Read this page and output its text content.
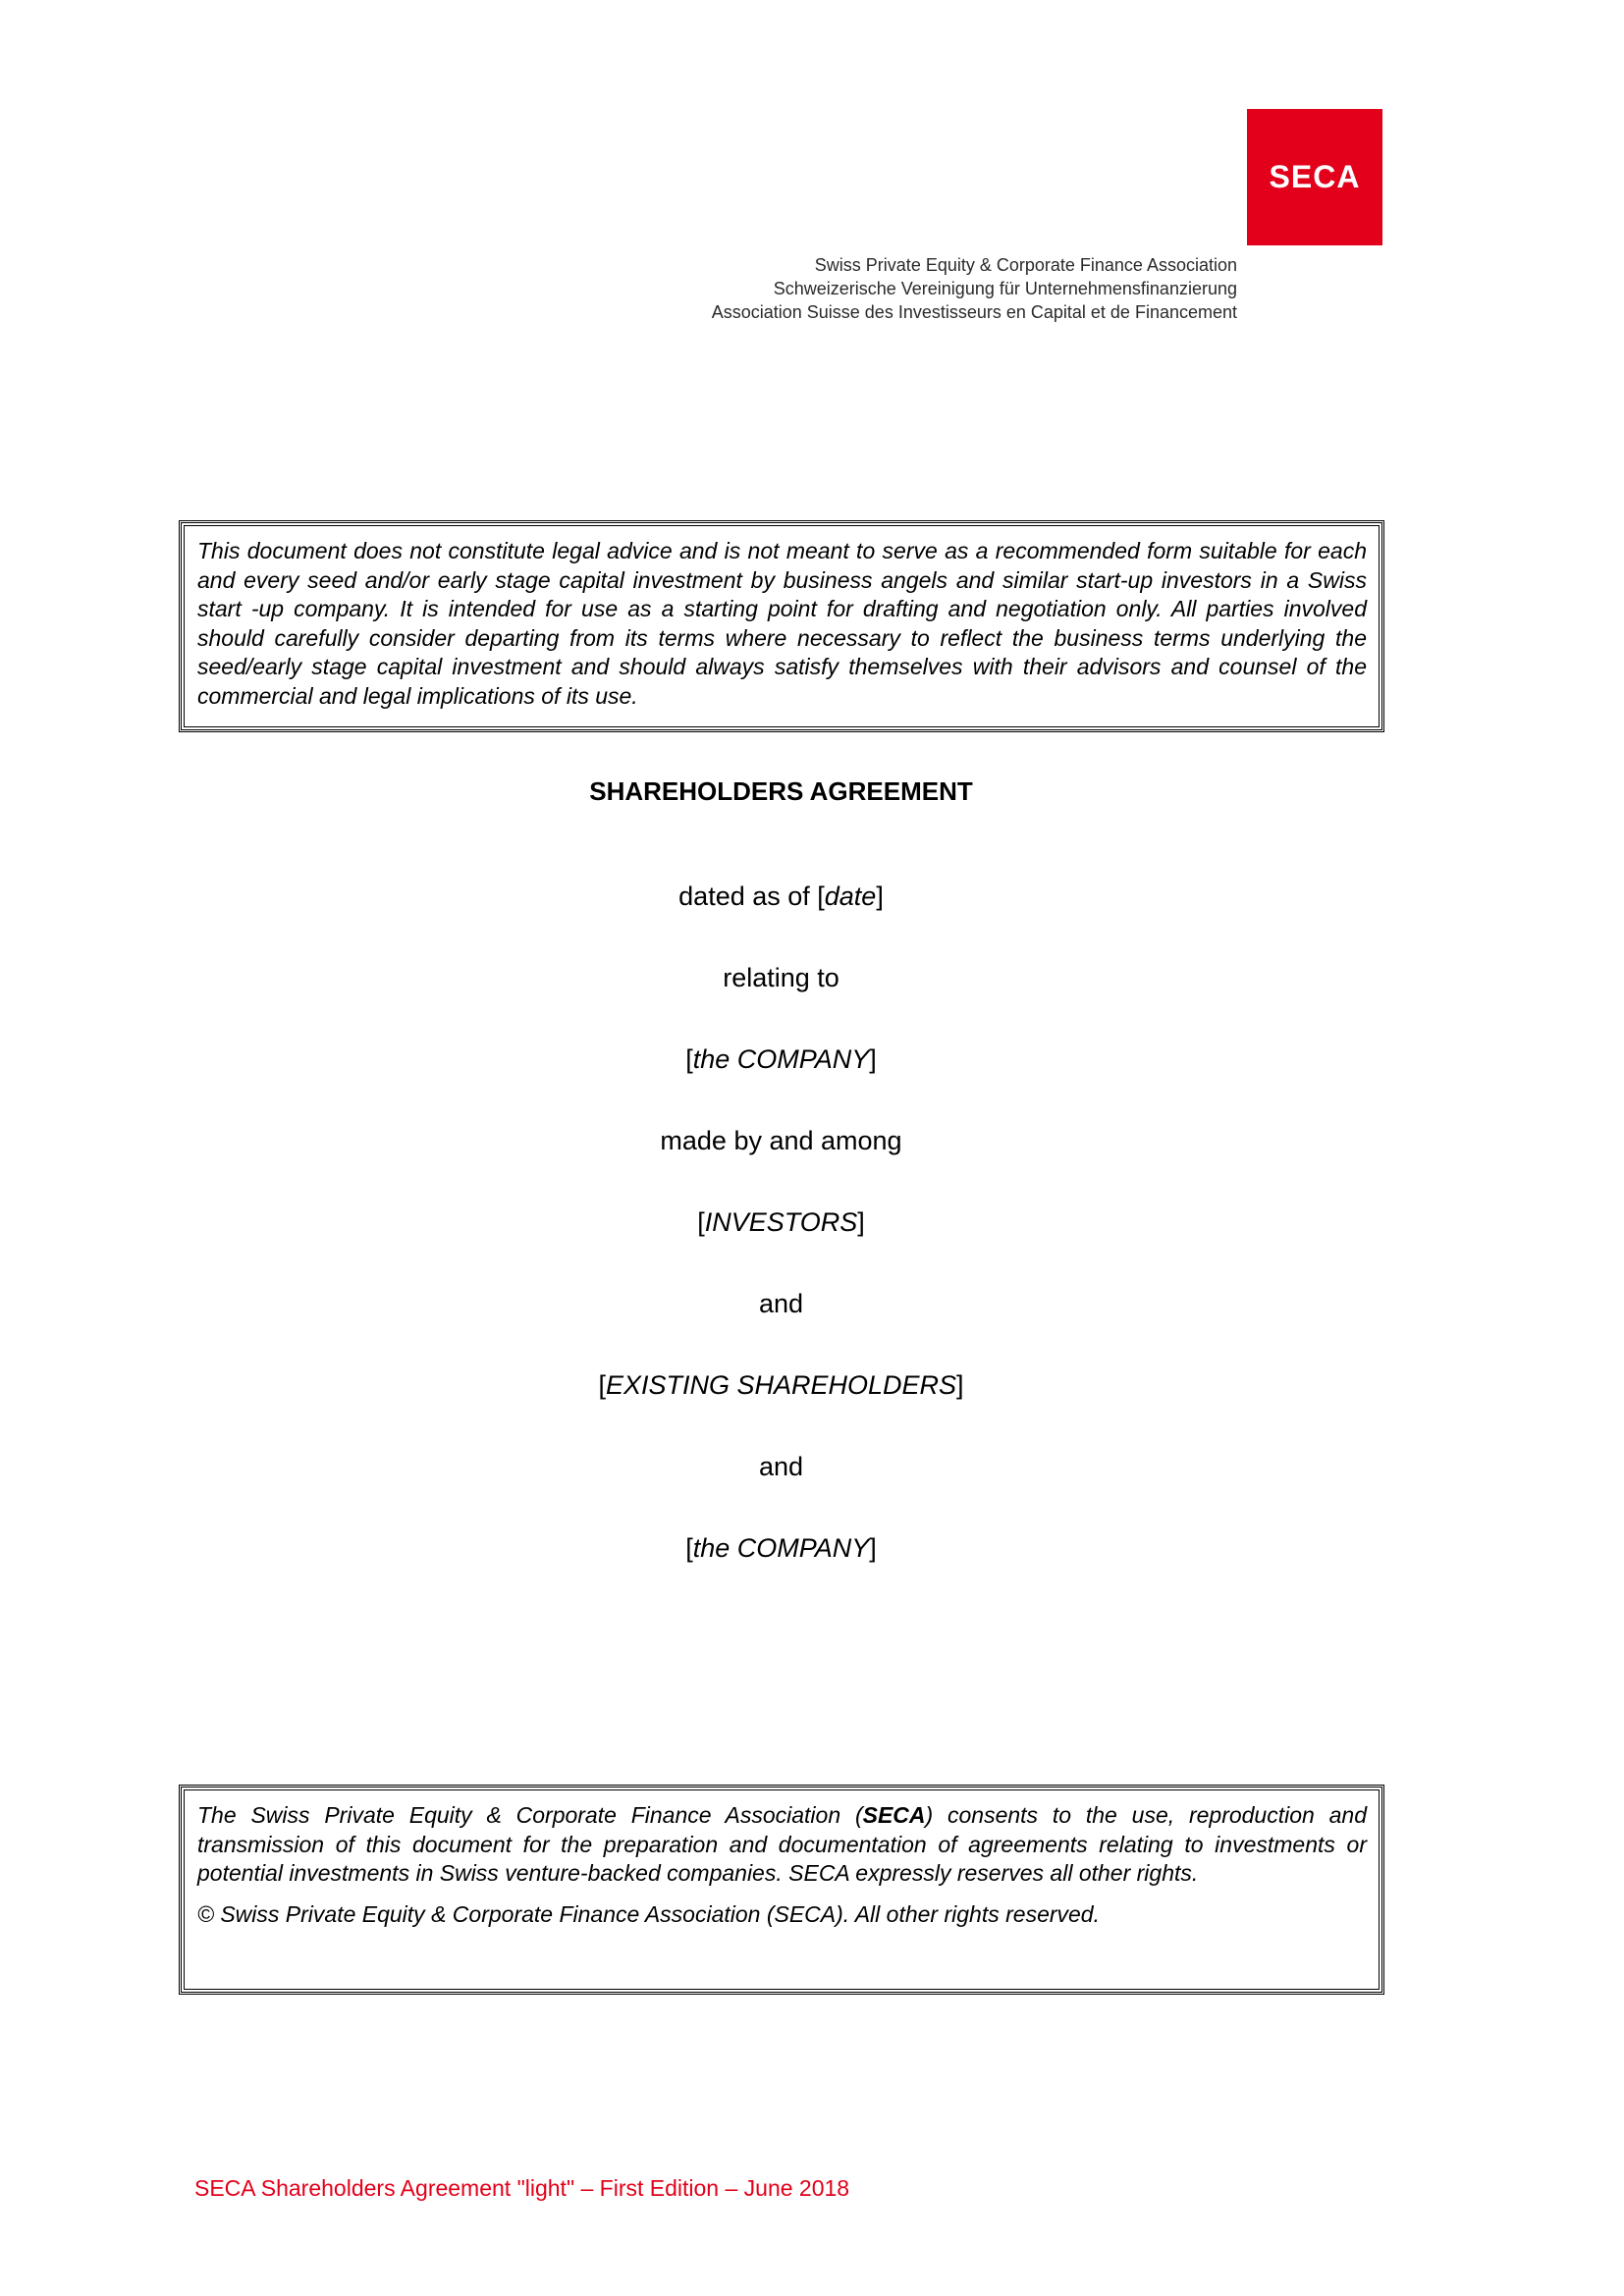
SECA
Swiss Private Equity & Corporate Finance Association
Schweizerische Vereinigung für Unternehmensfinanzierung
Association Suisse des Investisseurs en Capital et de Financement

This document does not constitute legal advice and is not meant to serve as a recommended form suitable for each and every seed and/or early stage capital investment by business angels and similar start-up investors in a Swiss start -up company. It is intended for use as a starting point for drafting and negotiation only. All parties involved should carefully consider departing from its terms where necessary to reflect the business terms underlying the seed/early stage capital investment and should always satisfy themselves with their advisors and counsel of the commercial and legal implications of its use.

SHAREHOLDERS AGREEMENT
dated as of [date]
relating to
[the COMPANY]
made by and among
[INVESTORS]
and
[EXISTING SHAREHOLDERS]
and
[the COMPANY]

The Swiss Private Equity & Corporate Finance Association (SECA) consents to the use, reproduction and transmission of this document for the preparation and documentation of agreements relating to investments or potential investments in Swiss venture-backed companies. SECA expressly reserves all other rights.

© Swiss Private Equity & Corporate Finance Association (SECA). All other rights reserved.

SECA Shareholders Agreement "light" – First Edition – June 2018
